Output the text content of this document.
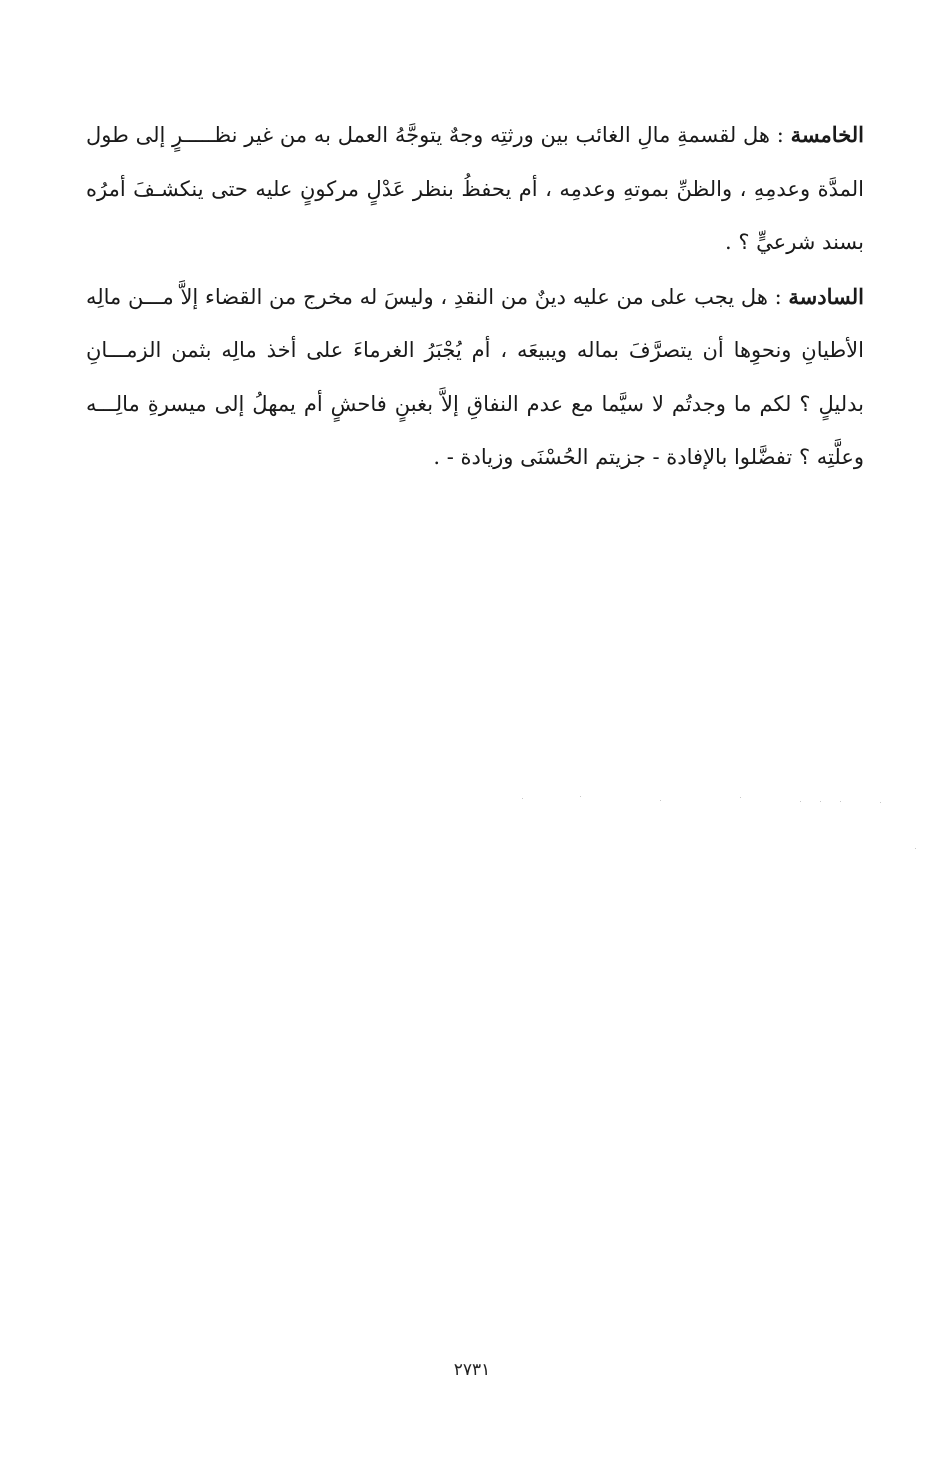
الخامسة : هل لقسمةِ مالِ الغائب بين ورثتِه وجهٌ يتوجَّهُ العمل به من غير نظـــــرٍ إلى طول المدَّة وعدمِهِ ، والظنِّ بموتهِ وعدمِه ، أم يحفظُ بنظر عَدْلٍ مركونٍ عليه حتى ينكشـفَ أمرُه بسند شرعيٍّ ؟ .

السادسة : هل يجب على من عليه دينٌ من النقدِ ، وليسَ له مخرج من القضاء إلاَّ مـــن مالِه الأطيانِ ونحوِها أن يتصرَّفَ بماله ويبيعَه ، أم يُجْبَرُ الغرماءَ على أخذ مالِه بثمن الزمـــانِ بدليلٍ ؟ لكم ما وجدتُم لا سيَّما مع عدم النفاقِ إلاَّ بغبنٍ فاحشٍ أم يمهلُ إلى ميسرةِ مالِـــه وعلَّتِه ؟ تفضَّلوا بالإفادة - جزيتم الحُسْنَى وزيادة - .

٢٧٣١
